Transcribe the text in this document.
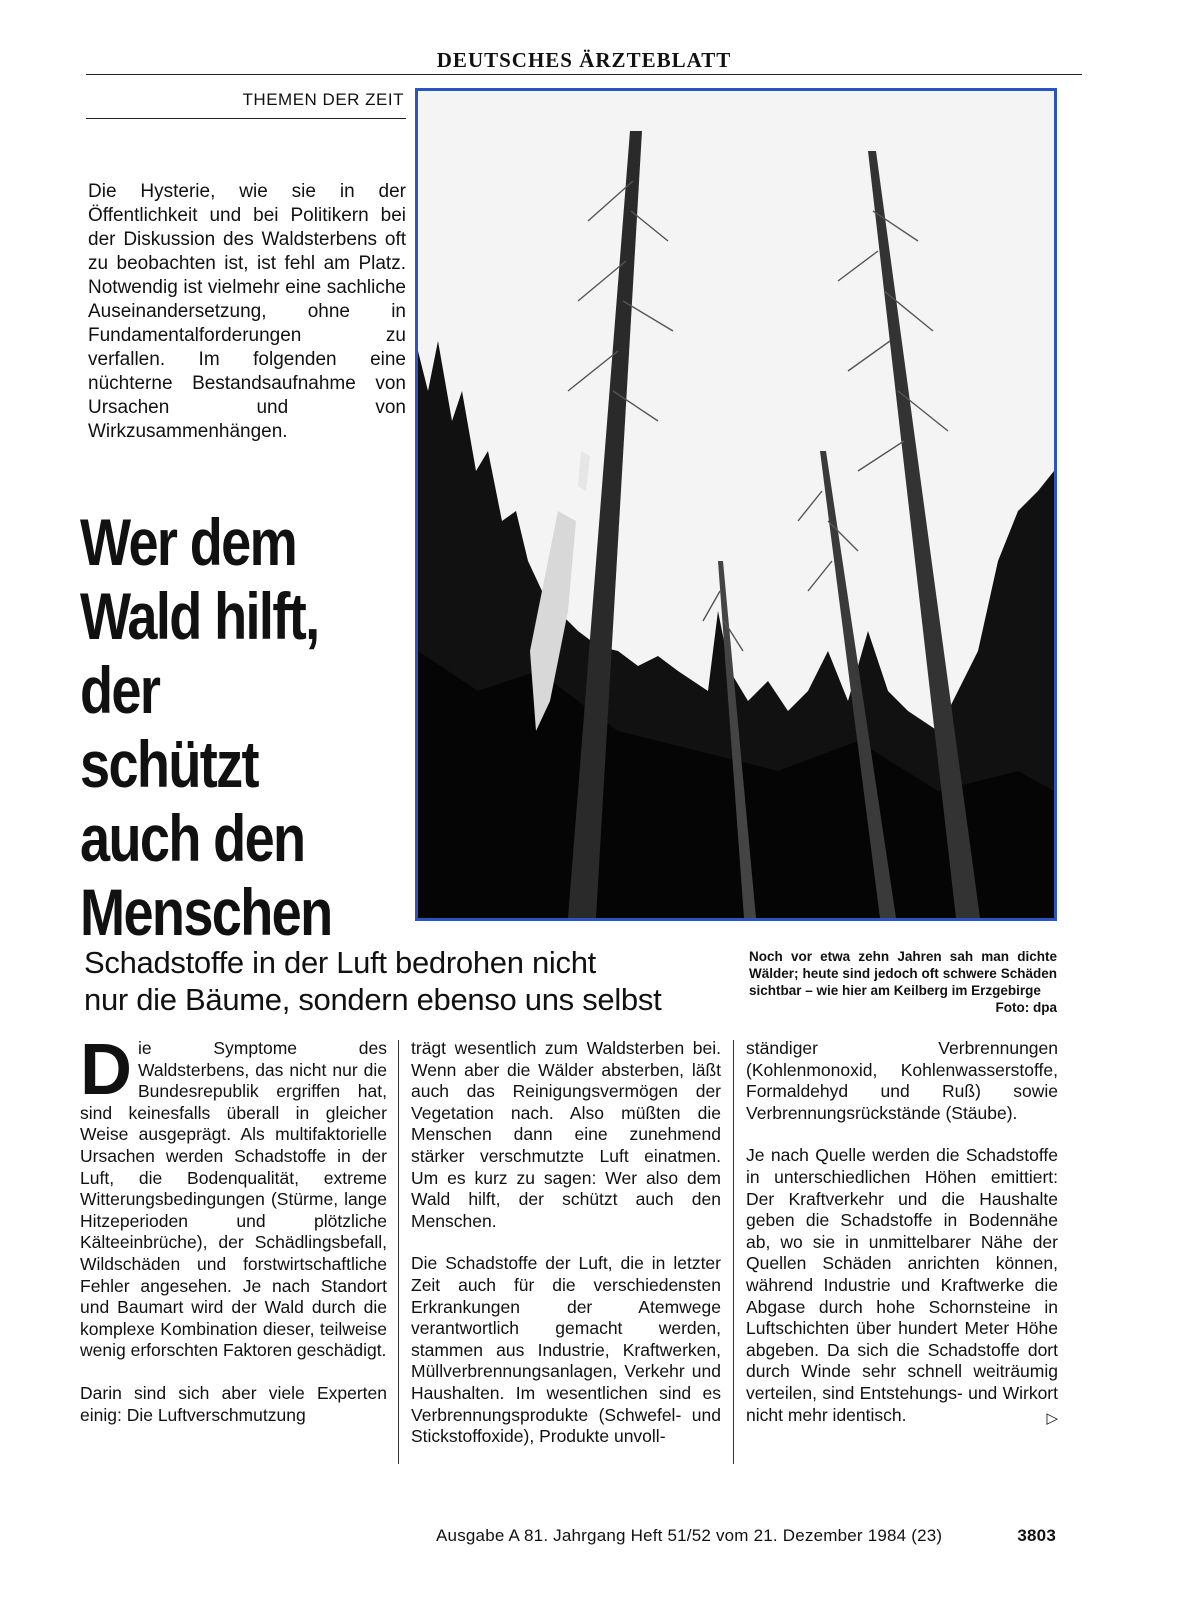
DEUTSCHES ÄRZTEBLATT
THEMEN DER ZEIT
Die Hysterie, wie sie in der Öffentlichkeit und bei Politikern bei der Diskussion des Waldsterbens oft zu beobachten ist, ist fehl am Platz. Notwendig ist vielmehr eine sachliche Auseinandersetzung, ohne in Fundamentalforderungen zu verfallen. Im folgenden eine nüchterne Bestandsaufnahme von Ursachen und von Wirkzusammenhängen.
Wer dem
Wald hilft,
der
schützt
auch den
Menschen
Schadstoffe in der Luft bedrohen nicht
nur die Bäume, sondern ebenso uns selbst
Noch vor etwa zehn Jahren sah man dichte Wälder; heute sind jedoch oft schwere Schäden sichtbar – wie hier am Keilberg im Erzgebirge
Foto: dpa

Die Symptome des Waldsterbens, das nicht nur die Bundesrepublik ergriffen hat, sind keinesfalls überall in gleicher Weise ausgeprägt. Als multifaktorielle Ursachen werden Schadstoffe in der Luft, die Bodenqualität, extreme Witterungsbedingungen (Stürme, lange Hitzeperioden und plötzliche Kälteeinbrüche), der Schädlingsbefall, Wildschäden und forstwirtschaftliche Fehler angesehen. Je nach Standort und Baumart wird der Wald durch die komplexe Kombination dieser, teilweise wenig erforschten Faktoren geschädigt.

Darin sind sich aber viele Experten einig: Die Luftverschmutzung

trägt wesentlich zum Waldsterben bei. Wenn aber die Wälder absterben, läßt auch das Reinigungsvermögen der Vegetation nach. Also müßten die Menschen dann eine zunehmend stärker verschmutzte Luft einatmen. Um es kurz zu sagen: Wer also dem Wald hilft, der schützt auch den Menschen.

Die Schadstoffe der Luft, die in letzter Zeit auch für die verschiedensten Erkrankungen der Atemwege verantwortlich gemacht werden, stammen aus Industrie, Kraftwerken, Müllverbrennungsanlagen, Verkehr und Haushalten. Im wesentlichen sind es Verbrennungsprodukte (Schwefel- und Stickstoffoxide), Produkte unvoll-

ständiger Verbrennungen (Kohlenmonoxid, Kohlenwasserstoffe, Formaldehyd und Ruß) sowie Verbrennungsrückstände (Stäube).

Je nach Quelle werden die Schadstoffe in unterschiedlichen Höhen emittiert: Der Kraftverkehr und die Haushalte geben die Schadstoffe in Bodennähe ab, wo sie in unmittelbarer Nähe der Quellen Schäden anrichten können, während Industrie und Kraftwerke die Abgase durch hohe Schornsteine in Luftschichten über hundert Meter Höhe abgeben. Da sich die Schadstoffe dort durch Winde sehr schnell weiträumig verteilen, sind Entstehungs- und Wirkort nicht mehr identisch.	▷

Ausgabe A 81. Jahrgang Heft 51/52 vom 21. Dezember 1984 (23)	3803
